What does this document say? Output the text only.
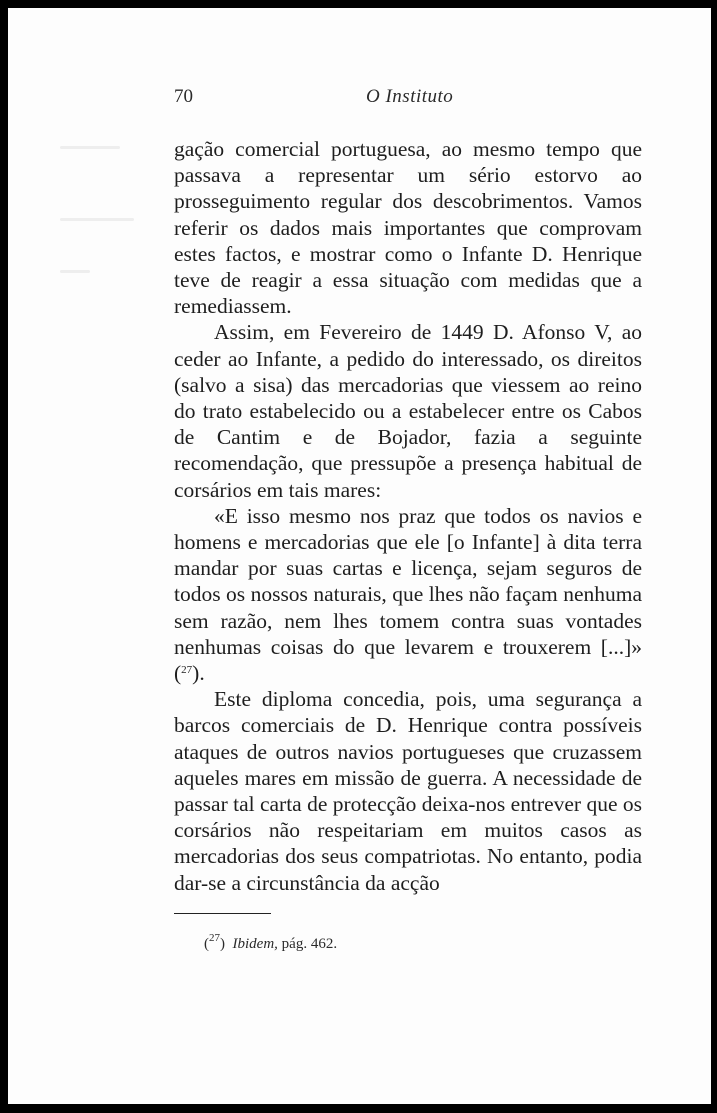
70	O Instituto

gação comercial portuguesa, ao mesmo tempo que passava a representar um sério estorvo ao prosseguimento regular dos descobrimentos. Vamos referir os dados mais importantes que comprovam estes factos, e mostrar como o Infante D. Henrique teve de reagir a essa situação com medidas que a remediassem.

Assim, em Fevereiro de 1449 D. Afonso V, ao ceder ao Infante, a pedido do interessado, os direitos (salvo a sisa) das mercadorias que viessem ao reino do trato estabelecido ou a estabelecer entre os Cabos de Cantim e de Bojador, fazia a seguinte recomendação, que pressupõe a presença habitual de corsários em tais mares:

«E isso mesmo nos praz que todos os navios e homens e mercadorias que ele [o Infante] à dita terra mandar por suas cartas e licença, sejam seguros de todos os nossos naturais, que lhes não façam nenhuma sem razão, nem lhes tomem contra suas vontades nenhumas coisas do que levarem e trouxerem [...]» ($^{27}$).

Este diploma concedia, pois, uma segurança a barcos comerciais de D. Henrique contra possíveis ataques de outros navios portugueses que cruzassem aqueles mares em missão de guerra. A necessidade de passar tal carta de protecção deixa-nos entrever que os corsários não respeitariam em muitos casos as mercadorias dos seus compatriotas. No entanto, podia dar-se a circunstância da acção

($^{27}$) Ibidem, pág. 462.
